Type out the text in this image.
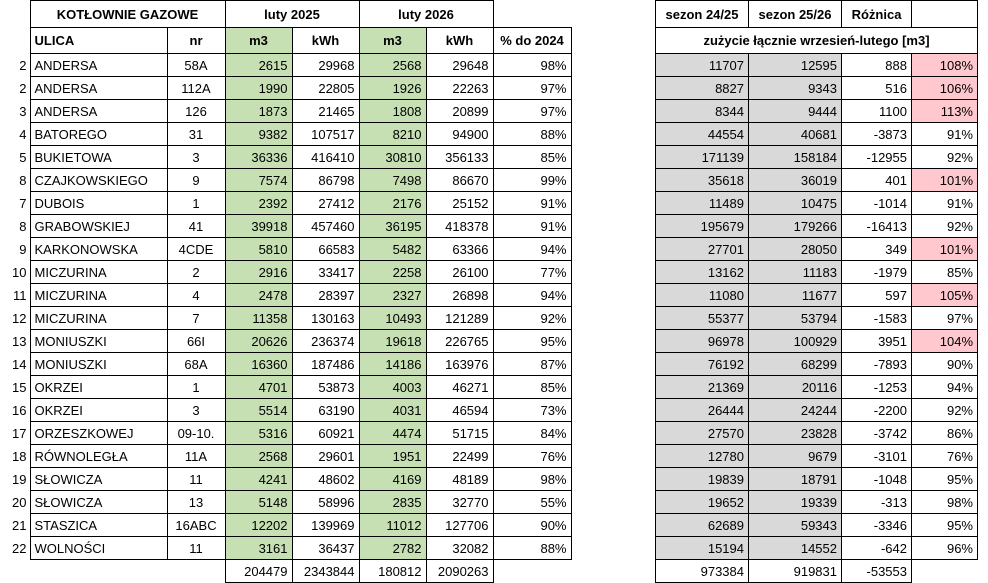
	KOTŁOWNIE GAZOWE		luty 2025		luty 2026		
	ULICA	nr	m3	kWh	m3	kWh	% do 2024
2	ANDERSA	58A	2615	29968	2568	29648	98%
2	ANDERSA	112A	1990	22805	1926	22263	97%
3	ANDERSA	126	1873	21465	1808	20899	97%
4	BATOREGO	31	9382	107517	8210	94900	88%
5	BUKIETOWA	3	36336	416410	30810	356133	85%
8	CZAJKOWSKIEGO	9	7574	86798	7498	86670	99%
7	DUBOIS	1	2392	27412	2176	25152	91%
8	GRABOWSKIEJ	41	39918	457460	36195	418378	91%
9	KARKONOWSKA	4CDE	5810	66583	5482	63366	94%
10	MICZURINA	2	2916	33417	2258	26100	77%
11	MICZURINA	4	2478	28397	2327	26898	94%
12	MICZURINA	7	11358	130163	10493	121289	92%
13	MONIUSZKI	66I	20626	236374	19618	226765	95%
14	MONIUSZKI	68A	16360	187486	14186	163976	87%
15	OKRZEI	1	4701	53873	4003	46271	85%
16	OKRZEI	3	5514	63190	4031	46594	73%
17	ORZESZKOWEJ	09-10.	5316	60921	4474	51715	84%
18	RÓWNOLEGŁA	11A	2568	29601	1951	22499	76%
19	SŁOWICZA	11	4241	48602	4169	48189	98%
20	SŁOWICZA	13	5148	58996	2835	32770	55%
21	STASZICA	16ABC	12202	139969	11012	127706	90%
22	WOLNOŚCI	11	3161	36437	2782	32082	88%
			204479	2343844	180812	2090263	
sezon 24/25	sezon 25/26	Różnica	
zużycie łącznie wrzesień-lutego [m3]			
11707	12595	888	108%
8827	9343	516	106%
8344	9444	1100	113%
44554	40681	-3873	91%
171139	158184	-12955	92%
35618	36019	401	101%
11489	10475	-1014	91%
195679	179266	-16413	92%
27701	28050	349	101%
13162	11183	-1979	85%
11080	11677	597	105%
55377	53794	-1583	97%
96978	100929	3951	104%
76192	68299	-7893	90%
21369	20116	-1253	94%
26444	24244	-2200	92%
27570	23828	-3742	86%
12780	9679	-3101	76%
19839	18791	-1048	95%
19652	19339	-313	98%
62689	59343	-3346	95%
15194	14552	-642	96%
973384	919831	-53553	
